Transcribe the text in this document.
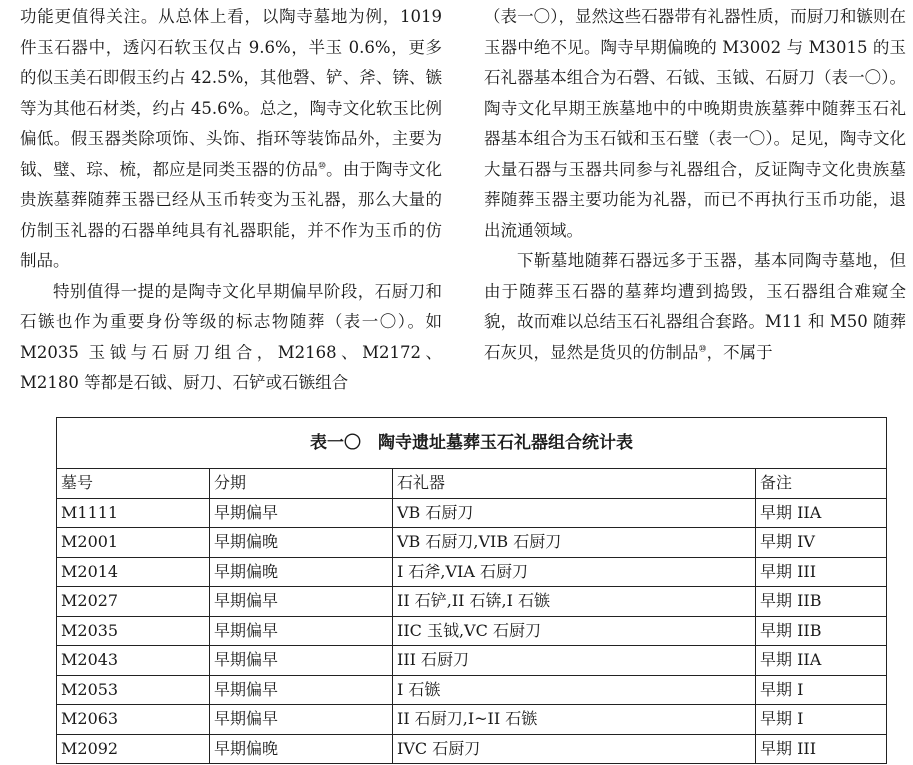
功能更值得关注。从总体上看，以陶寺墓地为例，1019 件玉石器中，透闪石软玉仅占 9.6%，半玉 0.6%，更多的似玉美石即假玉约占 42.5%，其他磬、铲、斧、锛、镞等为其他石材类，约占 45.6%。总之，陶寺文化软玉比例偏低。假玉器类除项饰、头饰、指环等装饰品外，主要为钺、璧、琮、梳，都应是同类玉器的仿品⑩。由于陶寺文化贵族墓葬随葬玉器已经从玉币转变为玉礼器，那么大量的仿制玉礼器的石器单纯具有礼器职能，并不作为玉币的仿制品。

特别值得一提的是陶寺文化早期偏早阶段，石厨刀和石镞也作为重要身份等级的标志物随葬（表一〇）。如 M2035 玉钺与石厨刀组合，M2168、M2172、M2180 等都是石钺、厨刀、石铲或石镞组合

（表一〇），显然这些石器带有礼器性质，而厨刀和镞则在玉器中绝不见。陶寺早期偏晚的 M3002 与 M3015 的玉石礼器基本组合为石磬、石钺、玉钺、石厨刀（表一〇）。陶寺文化早期王族墓地中的中晚期贵族墓葬中随葬玉石礼器基本组合为玉石钺和玉石璧（表一〇）。足见，陶寺文化大量石器与玉器共同参与礼器组合，反证陶寺文化贵族墓葬随葬玉器主要功能为礼器，而已不再执行玉币功能，退出流通领域。

下靳墓地随葬石器远多于玉器，基本同陶寺墓地，但由于随葬玉石器的墓葬均遭到捣毁，玉石器组合难窥全貌，故而难以总结玉石礼器组合套路。M11 和 M50 随葬石灰贝，显然是货贝的仿制品⑩，不属于

表一〇　陶寺遗址墓葬玉石礼器组合统计表
墓号	分期	石礼器	备注
M1111	早期偏早	VB 石厨刀	早期 IIA
M2001	早期偏晚	VB 石厨刀,VIB 石厨刀	早期 IV
M2014	早期偏晚	I 石斧,VIA 石厨刀	早期 III
M2027	早期偏早	II 石铲,II 石锛,I 石镞	早期 IIB
M2035	早期偏早	IIC 玉钺,VC 石厨刀	早期 IIB
M2043	早期偏早	III 石厨刀	早期 IIA
M2053	早期偏早	I 石镞	早期 I
M2063	早期偏早	II 石厨刀,I~II 石镞	早期 I
M2092	早期偏晚	IVC 石厨刀	早期 III
